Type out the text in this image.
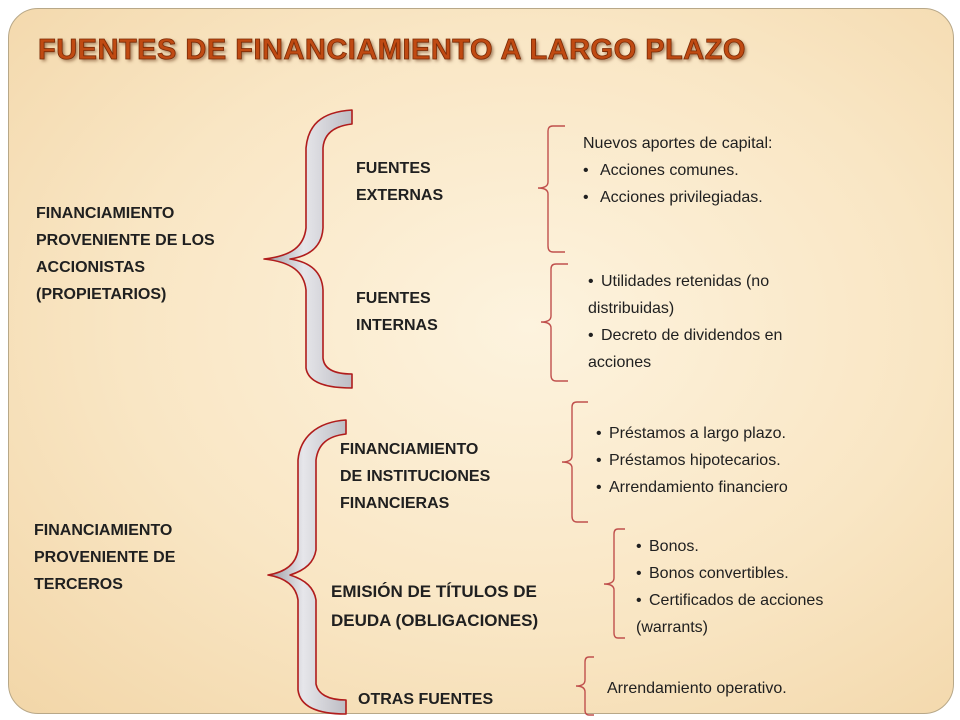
FUENTES DE FINANCIAMIENTO A LARGO PLAZO
FINANCIAMIENTO
PROVENIENTE DE LOS
ACCIONISTAS
(PROPIETARIOS)
FUENTES
EXTERNAS
Nuevos aportes de capital:
• Acciones comunes.
• Acciones privilegiadas.
FUENTES
INTERNAS
• Utilidades retenidas (no
distribuidas)
• Decreto de dividendos en
acciones
FINANCIAMIENTO
PROVENIENTE DE
TERCEROS
FINANCIAMIENTO
DE INSTITUCIONES
FINANCIERAS
• Préstamos a largo plazo.
• Préstamos hipotecarios.
• Arrendamiento financiero
EMISIÓN DE TÍTULOS DE
DEUDA (OBLIGACIONES)
• Bonos.
• Bonos convertibles.
• Certificados de acciones
(warrants)
OTRAS FUENTES
Arrendamiento operativo.
